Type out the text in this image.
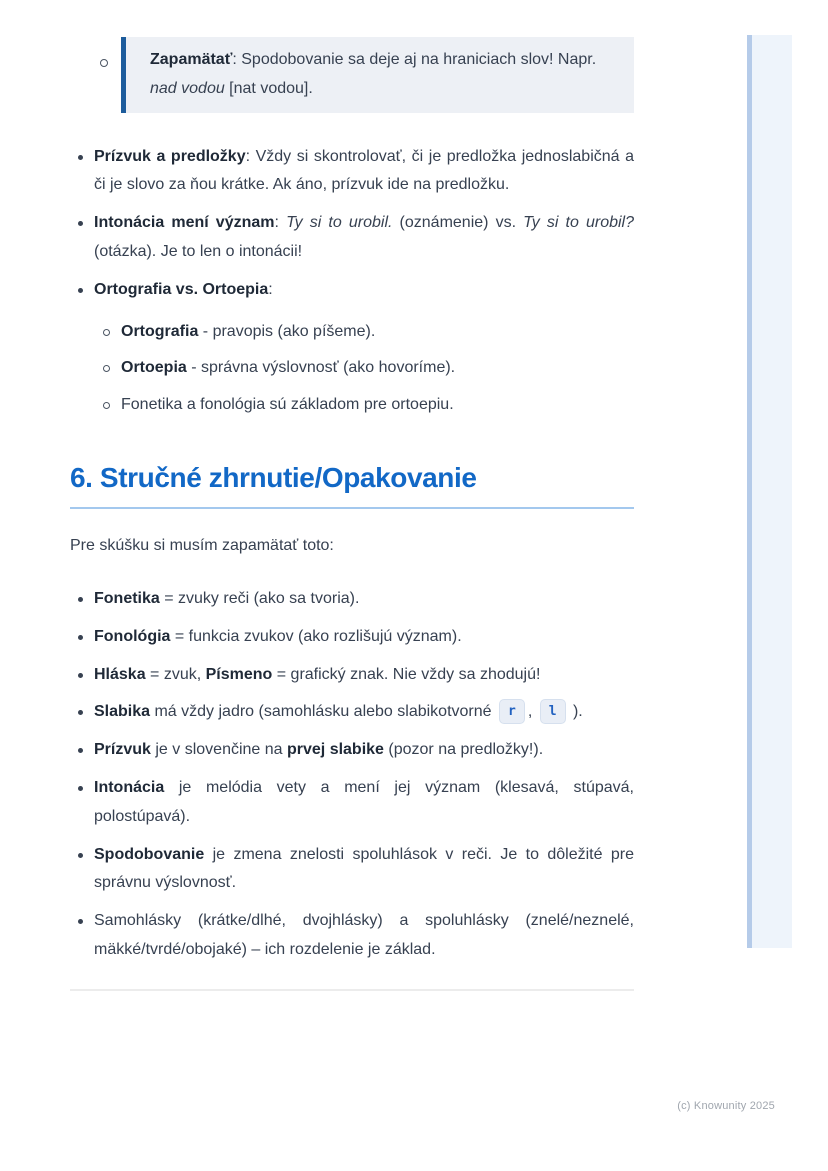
Zapamätať: Spodobovanie sa deje aj na hraniciach slov! Napr. nad vodou [nat vodou].

Prízvuk a predložky: Vždy si skontrolovať, či je predložka jednoslabičná a či je slovo za ňou krátke. Ak áno, prízvuk ide na predložku.

Intonácia mení význam: Ty si to urobil. (oznámenie) vs. Ty si to urobil? (otázka). Je to len o intonácii!

Ortografia vs. Ortoepia:

Ortografia - pravopis (ako píšeme).

Ortoepia - správna výslovnosť (ako hovoríme).

Fonetika a fonológia sú základom pre ortoepiu.

6. Stručné zhrnutie/Opakovanie

Pre skúšku si musím zapamätať toto:

Fonetika = zvuky reči (ako sa tvoria).

Fonológia = funkcia zvukov (ako rozlišujú význam).

Hláska = zvuk, Písmeno = grafický znak. Nie vždy sa zhodujú!

Slabika má vždy jadro (samohlásku alebo slabikotvorné r , l ).

Prízvuk je v slovenčine na prvej slabike (pozor na predložky!).

Intonácia je melódia vety a mení jej význam (klesavá, stúpavá, polostúpavá).

Spodobovanie je zmena znelosti spoluhlások v reči. Je to dôležité pre správnu výslovnosť.

Samohlásky (krátke/dlhé, dvojhlásky) a spoluhlásky (znelé/neznelé, mäkké/tvrdé/obojaké) – ich rozdelenie je základ.

(c) Knowunity 2025
